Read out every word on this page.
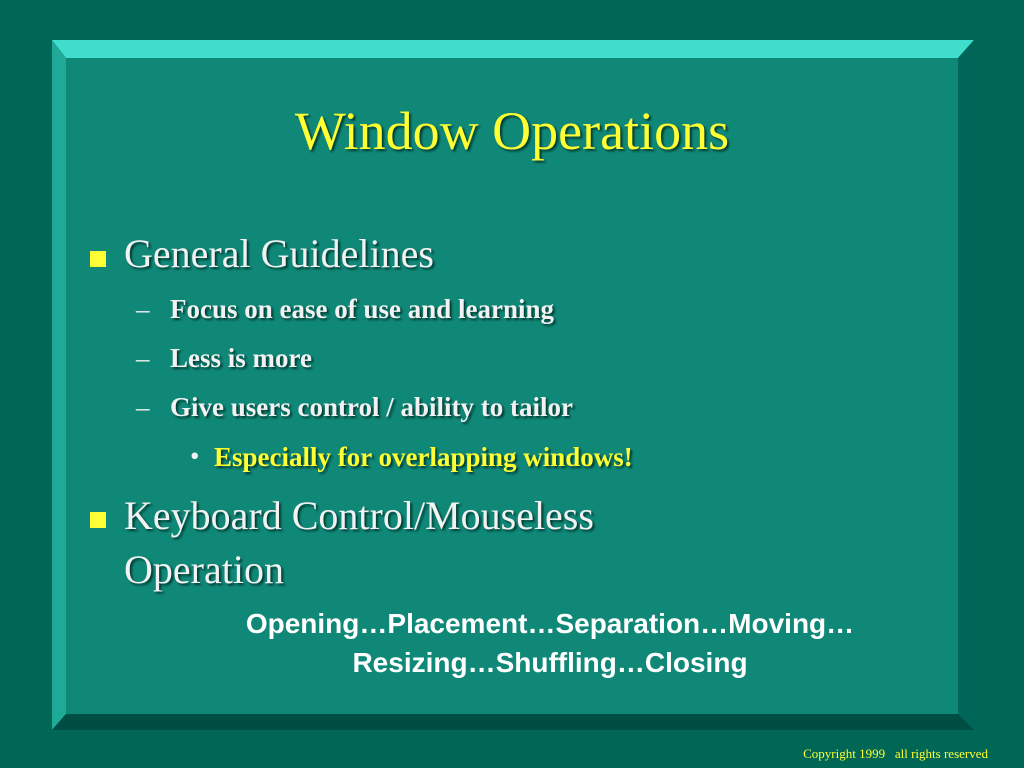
Window Operations
General Guidelines
– Focus on ease of use and learning
– Less is more
– Give users control / ability to tailor
• Especially for overlapping windows!
Keyboard Control/Mouseless
Operation
Opening…Placement…Separation…Moving…
Resizing…Shuffling…Closing
Copyright 1999   all rights reserved
